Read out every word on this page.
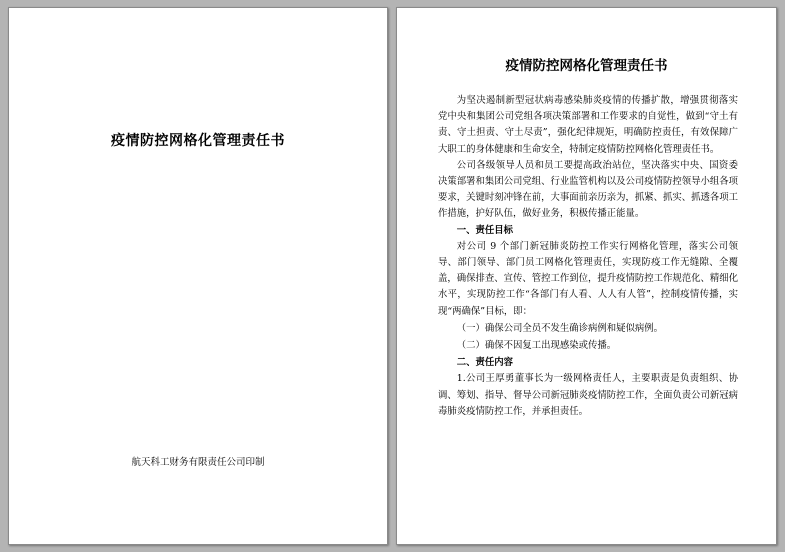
疫情防控网格化管理责任书
航天科工财务有限责任公司印制
疫情防控网格化管理责任书

为坚决遏制新型冠状病毒感染肺炎疫情的传播扩散，增强贯彻落实党中央和集团公司党组各项决策部署和工作要求的自觉性，做到“守土有责、守土担责、守土尽责”，强化纪律规矩，明确防控责任，有效保障广大职工的身体健康和生命安全，特制定疫情防控网格化管理责任书。

公司各级领导人员和员工要提高政治站位，坚决落实中央、国资委决策部署和集团公司党组、行业监管机构以及公司疫情防控领导小组各项要求，关键时刻冲锋在前，大事面前亲历亲为，抓紧、抓实、抓透各项工作措施，护好队伍，做好业务，积极传播正能量。

一、责任目标

对公司 9 个部门新冠肺炎防控工作实行网格化管理，落实公司领导、部门领导、部门员工网格化管理责任，实现防疫工作无缝隙、全覆盖，确保排查、宣传、管控工作到位，提升疫情防控工作规范化、精细化水平，实现防控工作“各部门有人看、人人有人管”，控制疫情传播，实现“两确保”目标，即：

（一）确保公司全员不发生确诊病例和疑似病例。

（二）确保不因复工出现感染或传播。

二、责任内容

1.公司王厚勇董事长为一级网格责任人，主要职责是负责组织、协调、筹划、指导、督导公司新冠肺炎疫情防控工作，全面负责公司新冠病毒肺炎疫情防控工作，并承担责任。
